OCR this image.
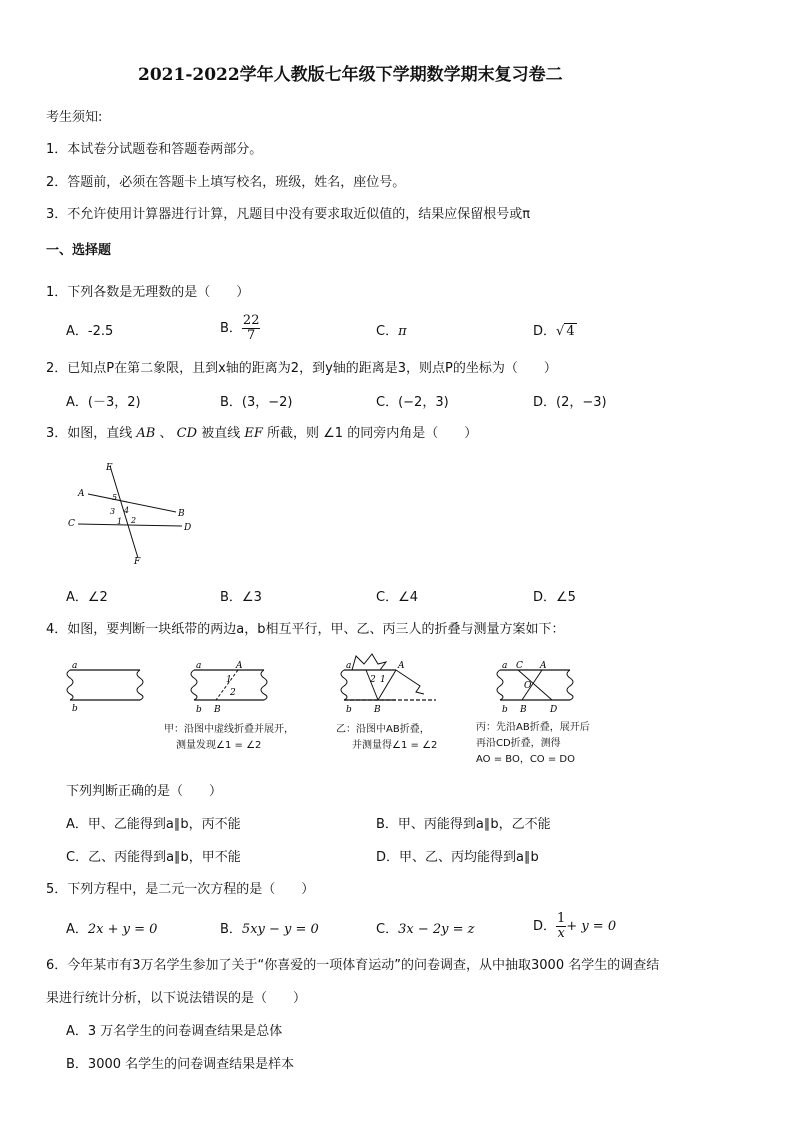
2021-2022学年人教版七年级下学期数学期末复习卷二
考生须知:
1．本试卷分试题卷和答题卷两部分。
2．答题前，必须在答题卡上填写校名，班级，姓名，座位号。
3．不允许使用计算器进行计算，凡题目中没有要求取近似值的，结果应保留根号或π
一、选择题
1．下列各数是无理数的是（　　）
A．-2.5	B． $\frac{22}{7}$	C．π	D．√ 4
2．已知点P在第二象限，且到x轴的距离为2，到y轴的距离是3，则点P的坐标为（　　）
A．(－3，2)	B．(3，−2)	C．(−2，3)	D．(2，−3)
3．如图，直线 AB 、 CD 被直线 EF 所截，则 ∠1 的同旁内角是（　　）
E
A	5
3 4
1 2
B
C	D
F
A．∠2	B．∠3	C．∠4	D．∠5
4．如图，要判断一块纸带的两边a，b相互平行，甲、乙、丙三人的折叠与测量方案如下：
a
b
a	A
1
2
b B
a
2 1
A
b B
a C A
O
b B	D
甲：沿图中虚线折叠并展开，
测量发现∠1 = ∠2
乙：沿图中AB折叠，
并测量得∠1 = ∠2
丙：先沿AB折叠，展开后
再沿CD折叠，测得
AO = BO，CO = DO
下列判断正确的是（　　）
A．甲、乙能得到a∥b，丙不能	B．甲、丙能得到a∥b，乙不能
C．乙、丙能得到a∥b，甲不能	D．甲、乙、丙均能得到a∥b
5．下列方程中，是二元一次方程的是（　　）
A．2x + y = 0	B．5xy − y = 0	C．3x − 2y = z	D． $\frac{1}{x} + y = 0$
6．今年某市有3万名学生参加了关于“你喜爱的一项体育运动”的问卷调查，从中抽取3000 名学生的调查结
果进行统计分析，以下说法错误的是（　　）
A．3 万名学生的问卷调查结果是总体
B．3000 名学生的问卷调查结果是样本
